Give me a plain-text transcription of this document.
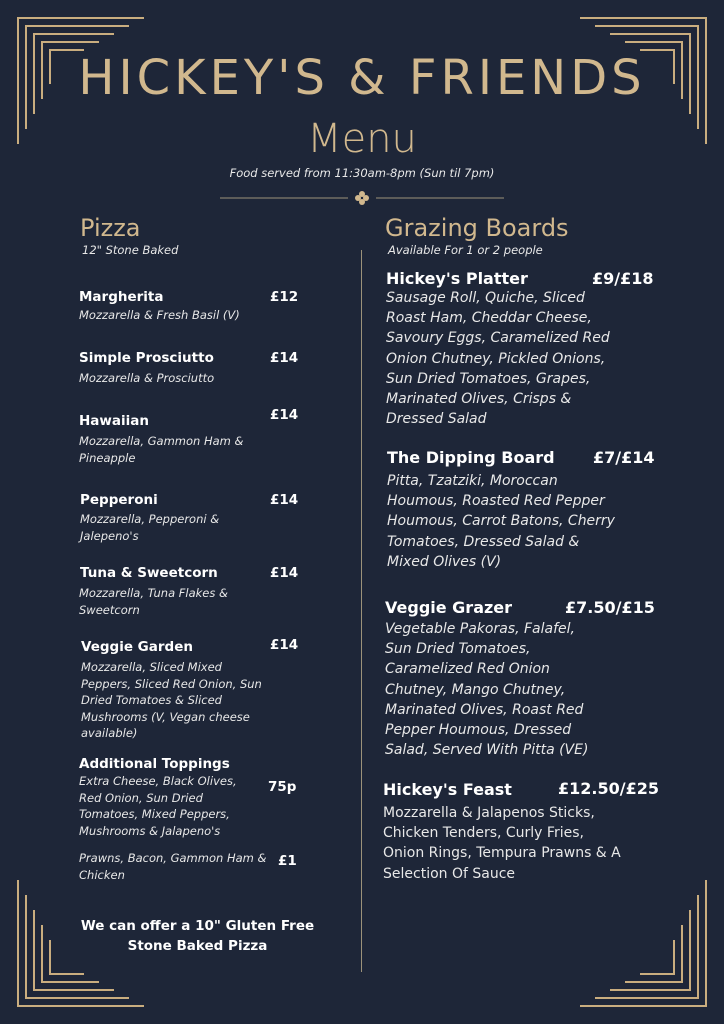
HICKEY'S & FRIENDS
Menu
Food served from 11:30am-8pm (Sun til 7pm)
Pizza
12" Stone Baked
Margherita	£12
Mozzarella & Fresh Basil (V)
Simple Prosciutto	£14
Mozzarella & Prosciutto
Hawaiian	£14
Mozzarella, Gammon Ham & Pineapple
Pepperoni	£14
Mozzarella, Pepperoni & Jalepeno's
Tuna & Sweetcorn	£14
Mozzarella, Tuna Flakes & Sweetcorn
Veggie Garden	£14
Mozzarella, Sliced Mixed Peppers, Sliced Red Onion, Sun Dried Tomatoes & Sliced Mushrooms (V, Vegan cheese available)
Additional Toppings
Extra Cheese, Black Olives, Red Onion, Sun Dried Tomatoes, Mixed Peppers, Mushrooms & Jalapeno's
75p
Prawns, Bacon, Gammon Ham & Chicken
£1
We can offer a 10" Gluten Free Stone Baked Pizza
Grazing Boards
Available For 1 or 2 people
Hickey's Platter	£9/£18
Sausage Roll, Quiche, Sliced Roast Ham, Cheddar Cheese, Savoury Eggs, Caramelized Red Onion Chutney, Pickled Onions, Sun Dried Tomatoes, Grapes, Marinated Olives, Crisps & Dressed Salad
The Dipping Board £7/£14
Pitta, Tzatziki, Moroccan Houmous, Roasted Red Pepper Houmous, Carrot Batons, Cherry Tomatoes, Dressed Salad & Mixed Olives (V)
Veggie Grazer	£7.50/£15
Vegetable Pakoras, Falafel, Sun Dried Tomatoes, Caramelized Red Onion Chutney, Mango Chutney, Marinated Olives, Roast Red Pepper Houmous, Dressed Salad, Served With Pitta (VE)
Hickey's Feast	£12.50/£25
Mozzarella & Jalapenos Sticks, Chicken Tenders, Curly Fries, Onion Rings, Tempura Prawns & A Selection Of Sauce
